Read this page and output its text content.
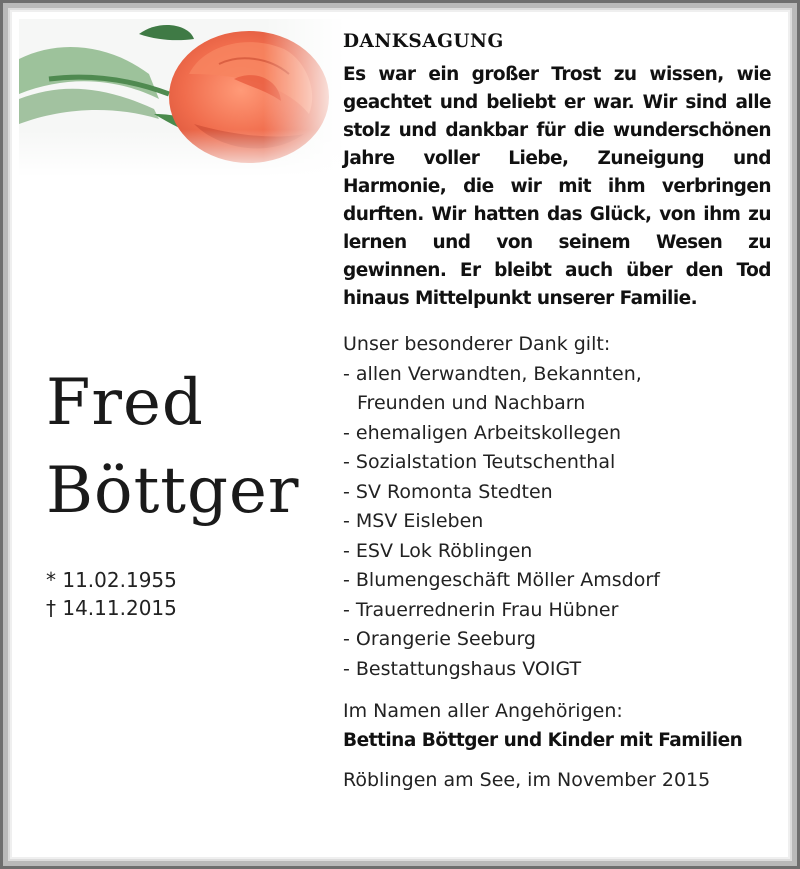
Fred
Böttger
* 11.02.1955
† 14.11.2015
DANKSAGUNG

Es war ein großer Trost zu wissen, wie geachtet und beliebt er war. Wir sind alle stolz und dankbar für die wunderschönen Jahre voller Liebe, Zuneigung und Harmonie, die wir mit ihm verbringen durften. Wir hatten das Glück, von ihm zu lernen und von seinem Wesen zu gewinnen. Er bleibt auch über den Tod hinaus Mittelpunkt unserer Familie.

Unser besonderer Dank gilt:
- allen Verwandten, Bekannten, Freunden und Nachbarn
- ehemaligen Arbeitskollegen
- Sozialstation Teutschenthal
- SV Romonta Stedten
- MSV Eisleben
- ESV Lok Röblingen
- Blumengeschäft Möller Amsdorf
- Trauerrednerin Frau Hübner
- Orangerie Seeburg
- Bestattungshaus VOIGT
Im Namen aller Angehörigen:
Bettina Böttger und Kinder mit Familien
Röblingen am See, im November 2015
